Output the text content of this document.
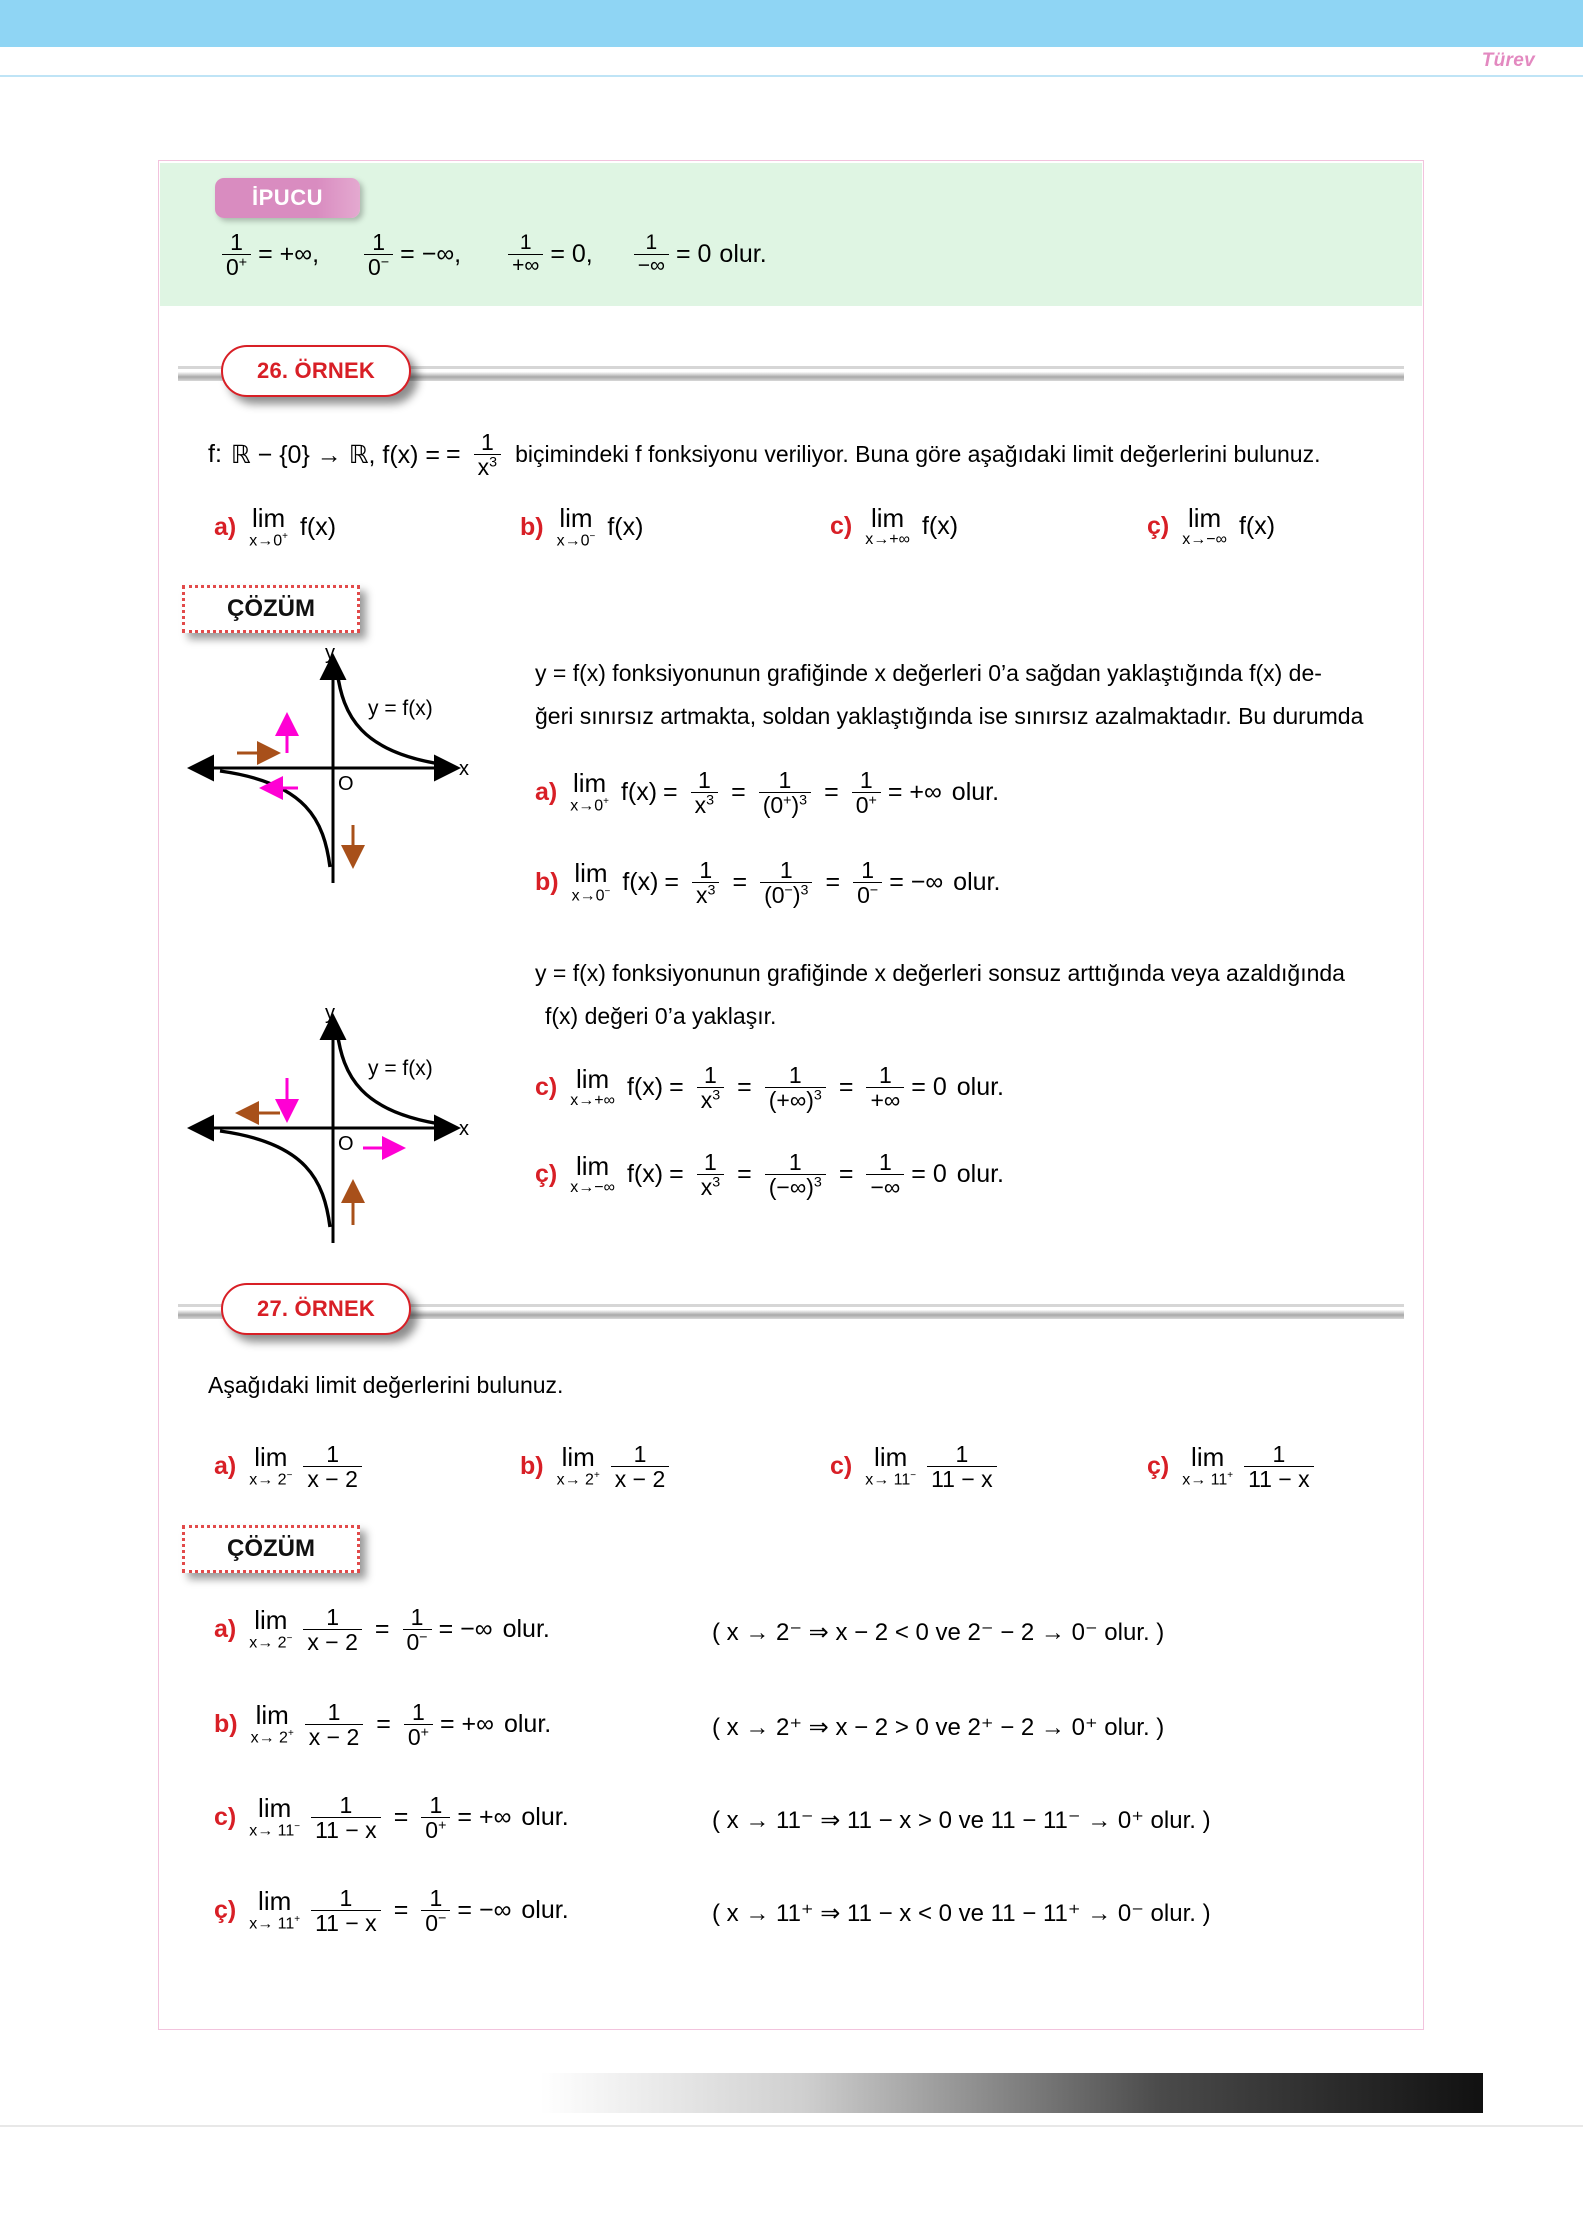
Türev
İPUCU
$\frac{1}{0^+}$ = +∞, $\frac{1}{0^-}$ = −∞, $\frac{1}{+\infty} = 0$, $\frac{1}{-\infty} = 0$ olur.
26. ÖRNEK
f: ℝ − {0} → ℝ, f(x) = = $\frac{1}{x^3}$ biçimindeki f fonksiyonu veriliyor. Buna göre aşağıdaki limit değerlerini bulunuz.
a) lim
x→0+ f(x)	b) lim
x→0− f(x)	c) lim
x→+∞ f(x)	ç) lim
x→−∞ f(x)
ÇÖZÜM
y
x
O
y = f(x)
y = f(x) fonksiyonunun grafiğinde x değerleri 0’a sağdan yaklaştığında f(x) de-
ğeri sınırsız artmakta, soldan yaklaştığında ise sınırsız azalmaktadır. Bu durumda
a) lim
x→0+ $f(x) = \frac{1}{x^3} = \frac{1}{(0^+)^3} = \frac{1}{0^+}$ = +∞ olur.
b) lim
x→0− $f(x) = \frac{1}{x^3} = \frac{1}{(0^-)^3} = \frac{1}{0^-}$ = −∞ olur.
y = f(x) fonksiyonunun grafiğinde x değerleri sonsuz arttığında veya azaldığında
f(x) değeri 0’a yaklaşır.
y
x
O
y = f(x)
c) lim
x→+∞ $f(x) = \frac{1}{x^3} = \frac{1}{(+\infty)^3} = \frac{1}{+\infty} = 0$ olur.
ç) lim
x→−∞ $f(x) = \frac{1}{x^3} = \frac{1}{(-\infty)^3} = \frac{1}{-\infty} = 0$ olur.
27. ÖRNEK
Aşağıdaki limit değerlerini bulunuz.
a) lim
$x\to 2^- \frac{1}{x - 2}$	b) lim
$x\to 2^+ \frac{1}{x - 2}$	c) lim
$x\to 11^- \frac{1}{11 - x}$	ç) lim
$x\to 11^+ \frac{1}{11 - x}$
ÇÖZÜM
a) lim
$x\to 2^- \frac{1}{x - 2} = \frac{1}{0^-}$ = −∞ olur.	( x → 2⁻ ⇒ x − 2 < 0 ve 2⁻ − 2 → 0⁻ olur. )
b) lim
$x\to 2^+ \frac{1}{x - 2} = \frac{1}{0^+}$ = +∞ olur.	( x → 2⁺ ⇒ x − 2 > 0 ve 2⁺ − 2 → 0⁺ olur. )
c) lim
$x\to 11^- \frac{1}{11 - x} = \frac{1}{0^+}$ = +∞ olur.	( x → 11⁻ ⇒ 11 − x > 0 ve 11 − 11⁻ → 0⁺ olur. )
ç) lim
$x\to 11^+ \frac{1}{11 - x} = \frac{1}{0^-}$ = −∞ olur.	( x → 11⁺ ⇒ 11 − x < 0 ve 11 − 11⁺ → 0⁻ olur. )
221
